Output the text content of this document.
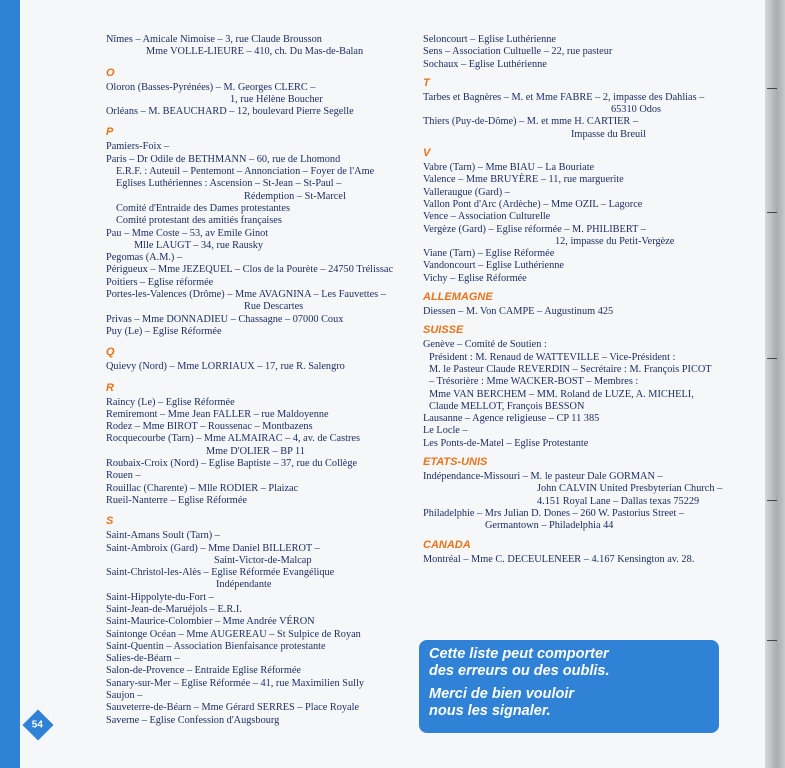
Nîmes – Amicale Nimoise – 3, rue Claude Brousson
Mme VOLLE-LIEURE – 410, ch. Du Mas-de-Balan
O
Oloron (Basses-Pyrénées) – M. Georges CLERC –
1, rue Hélène Boucher
Orléans – M. BEAUCHARD – 12, boulevard Pierre Segelle
P
Pamiers-Foix –
Paris – Dr Odile de BETHMANN – 60, rue de Lhomond
E.R.F. : Auteuil – Pentemont – Annonciation – Foyer de l'Ame
Eglises Luthériennes : Ascension – St-Jean – St-Paul –
Rédemption – St-Marcel
Comité d'Entraide des Dames protestantes
Comité protestant des amitiés françaises
Pau – Mme Coste – 53, av Emile Ginot
Mlle LAUGT – 34, rue Rausky
Pegomas (A.M.) –
Périgueux – Mme JEZEQUEL – Clos de la Pourète – 24750 Trélissac
Poitiers – Eglise réformée
Portes-les-Valences (Drôme) – Mme AVAGNINA – Les Fauvettes –
Rue Descartes
Privas – Mme DONNADIEU – Chassagne – 07000 Coux
Puy (Le) – Eglise Réformée
Q
Quievy (Nord) – Mme LORRIAUX – 17, rue R. Salengro
R
Raincy (Le) – Eglise Réformée
Remiremont – Mme Jean FALLER – rue Maldoyenne
Rodez – Mme BIROT – Roussenac – Montbazens
Rocquecourbe (Tarn) – Mme ALMAIRAC – 4, av. de Castres
Mme D'OLIER – BP 11
Roubaix-Croix (Nord) – Eglise Baptiste – 37, rue du Collège
Rouen –
Rouillac (Charente) – Mlle RODIER – Plaizac
Rueil-Nanterre – Eglise Réformée
S
Saint-Amans Soult (Tarn) –
Saint-Ambroix (Gard) – Mme Daniel BILLEROT –
Saint-Victor-de-Malcap
Saint-Christol-les-Alès – Eglise Réformée Evangélique
Indépendante
Saint-Hippolyte-du-Fort –
Saint-Jean-de-Maruéjols – E.R.I.
Saint-Maurice-Colombier – Mme Andrée VÉRON
Saintonge Océan – Mme AUGEREAU – St Sulpice de Royan
Saint-Quentin – Association Bienfaisance protestante
Salies-de-Béarn –
Salon-de-Provence – Entraide Eglise Réformée
Sanary-sur-Mer – Eglise Réformée – 41, rue Maximilien Sully
Saujon –
Sauveterre-de-Béarn – Mme Gérard SERRES – Place Royale
Saverne – Eglise Confession d'Augsbourg
Seloncourt – Eglise Luthérienne
Sens – Association Cultuelle – 22, rue pasteur
Sochaux – Eglise Luthérienne
T
Tarbes et Bagnères – M. et Mme FABRE – 2, impasse des Dahlias –
65310 Odos
Thiers (Puy-de-Dôme) – M. et mme H. CARTIER –
Impasse du Breuil
V
Vabre (Tarn) – Mme BIAU – La Bouriate
Valence – Mme BRUYÈRE – 11, rue marguerite
Valleraugue (Gard) –
Vallon Pont d'Arc (Ardèche) – Mme OZIL – Lagorce
Vence – Association Culturelle
Vergèze (Gard) – Eglise réformée – M. PHILIBERT –
12, impasse du Petit-Vergèze
Viane (Tarn) – Eglise Réformée
Vandoncourt – Eglise Luthérienne
Vichy – Eglise Réformée
ALLEMAGNE
Diessen – M. Von CAMPE – Augustinum 425
SUISSE
Genève – Comité de Soutien :
Président : M. Renaud de WATTEVILLE – Vice-Président :
M. le Pasteur Claude REVERDIN – Secrétaire : M. François PICOT
– Trésorière : Mme WACKER-BOST – Membres :
Mme VAN BERCHEM – MM. Roland de LUZE, A. MICHELI,
Claude MELLOT, François BESSON
Lausanne – Agence religieuse – CP 11 385
Le Locle –
Les Ponts-de-Matel – Eglise Protestante
ETATS-UNIS
Indépendance-Missouri – M. le pasteur Dale GORMAN –
John CALVIN United Presbyterian Church –
4.151 Royal Lane – Dallas texas 75229
Philadelphie – Mrs Julian D. Dones – 260 W. Pastorius Street –
Germantown – Philadelphia 44
CANADA
Montréal – Mme C. DECEULENEER – 4.167 Kensington av. 28.
Cette liste peut comporter
des erreurs ou des oublis.
Merci de bien vouloir
nous les signaler.
54
